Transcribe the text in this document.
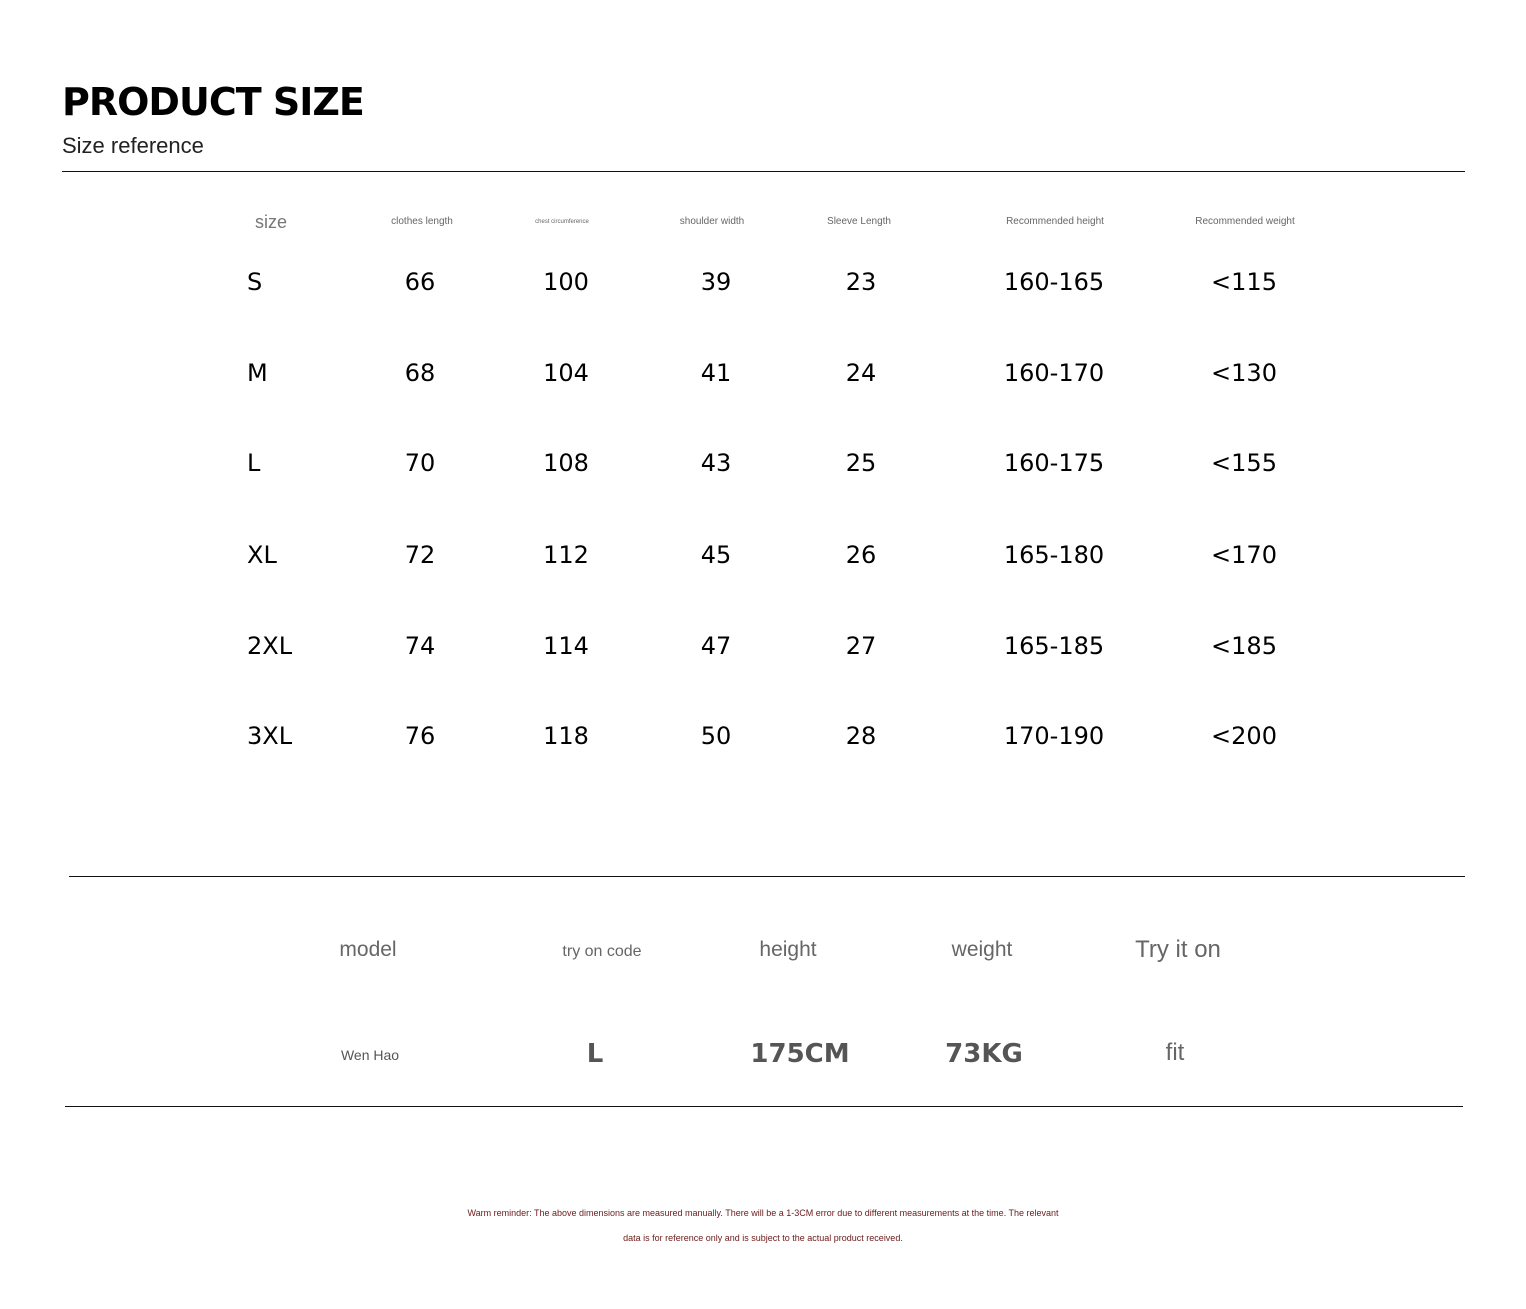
PRODUCT SIZE
Size reference
size	clothes length	chest circumference	shoulder width	Sleeve Length	Recommended height	Recommended weight
S	66	100	39	23	160-165	<115
M	68	104	41	24	160-170	<130
L	70	108	43	25	160-175	<155
XL	72	112	45	26	165-180	<170
2XL	74	114	47	27	165-185	<185
3XL	76	118	50	28	170-190	<200
model	try on code	height	weight	Try it on
Wen Hao	L	175CM	73KG	fit
Warm reminder: The above dimensions are measured manually. There will be a 1-3CM error due to different measurements at the time. The relevant
data is for reference only and is subject to the actual product received.
